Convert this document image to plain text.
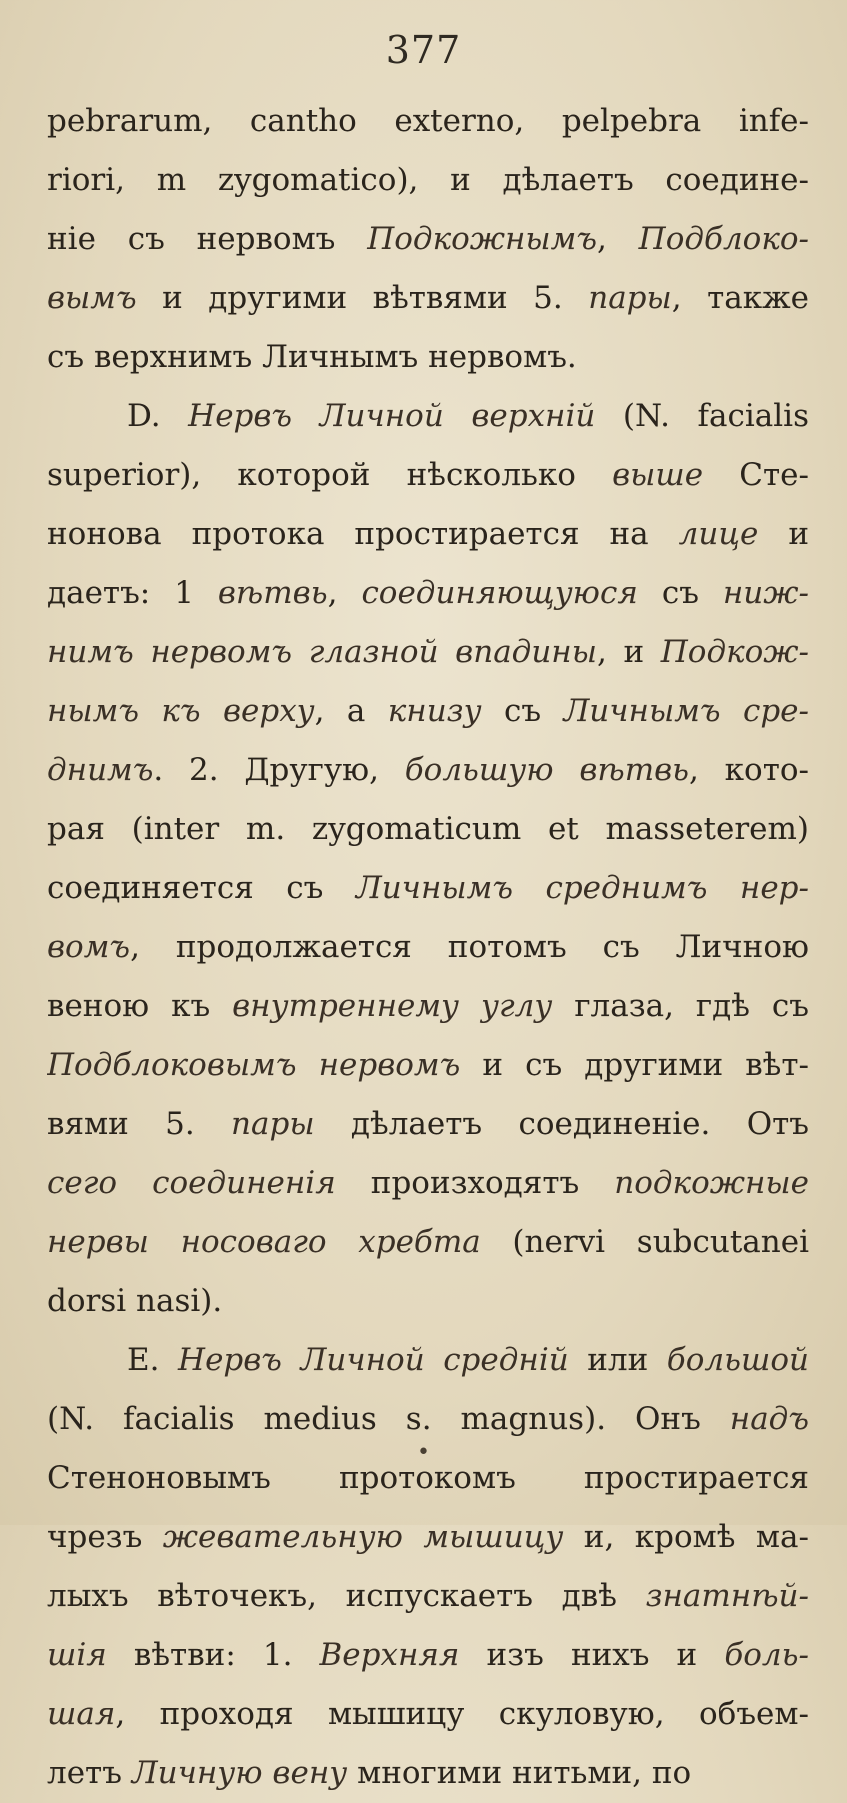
377
pebrarum, cantho externo, pelpebra infe-
riori, m zygomatico), и дѣлаетъ соедине-
ніе съ нервомъ Подкожнымъ, Подблоко-
вымъ и другими вѣтвями 5. пары, также
съ верхнимъ Личнымъ нервомъ.
D. Нервъ Личной верхній (N. facialis
superior), которой нѣсколько выше Сте-
нонова протока простирается на лице и
даетъ: 1 вѣтвь, соединяющуюся съ ниж-
нимъ нервомъ глазной впадины, и Подкож-
нымъ къ верху, а книзу съ Личнымъ сре-
днимъ. 2. Другую, большую вѣтвь, кото-
рая (inter m. zygomaticum et masseterem)
соединяется съ Личнымъ среднимъ нер-
вомъ, продолжается потомъ съ Личною
веною къ внутреннему углу глаза, гдѣ съ
Подблоковымъ нервомъ и съ другими вѣт-
вями 5. пары дѣлаетъ соединеніе. Отъ
сего соединенія произходятъ подкожные
нервы носоваго хребта (nervi subcutanei
dorsi nasi).
E. Нервъ Личной средній или большой
(N. facialis medius s. magnus). Онъ надъ
Стеноновымъ протокомъ простирается
чрезъ жевательную мышицу и, кромѣ ма-
лыхъ вѣточекъ, испускаетъ двѣ знатнѣй-
шія вѣтви: 1. Верхняя изъ нихъ и боль-
шая, проходя мышицу скуловую, объем-
летъ Личную вену многими нитьми, по
•
